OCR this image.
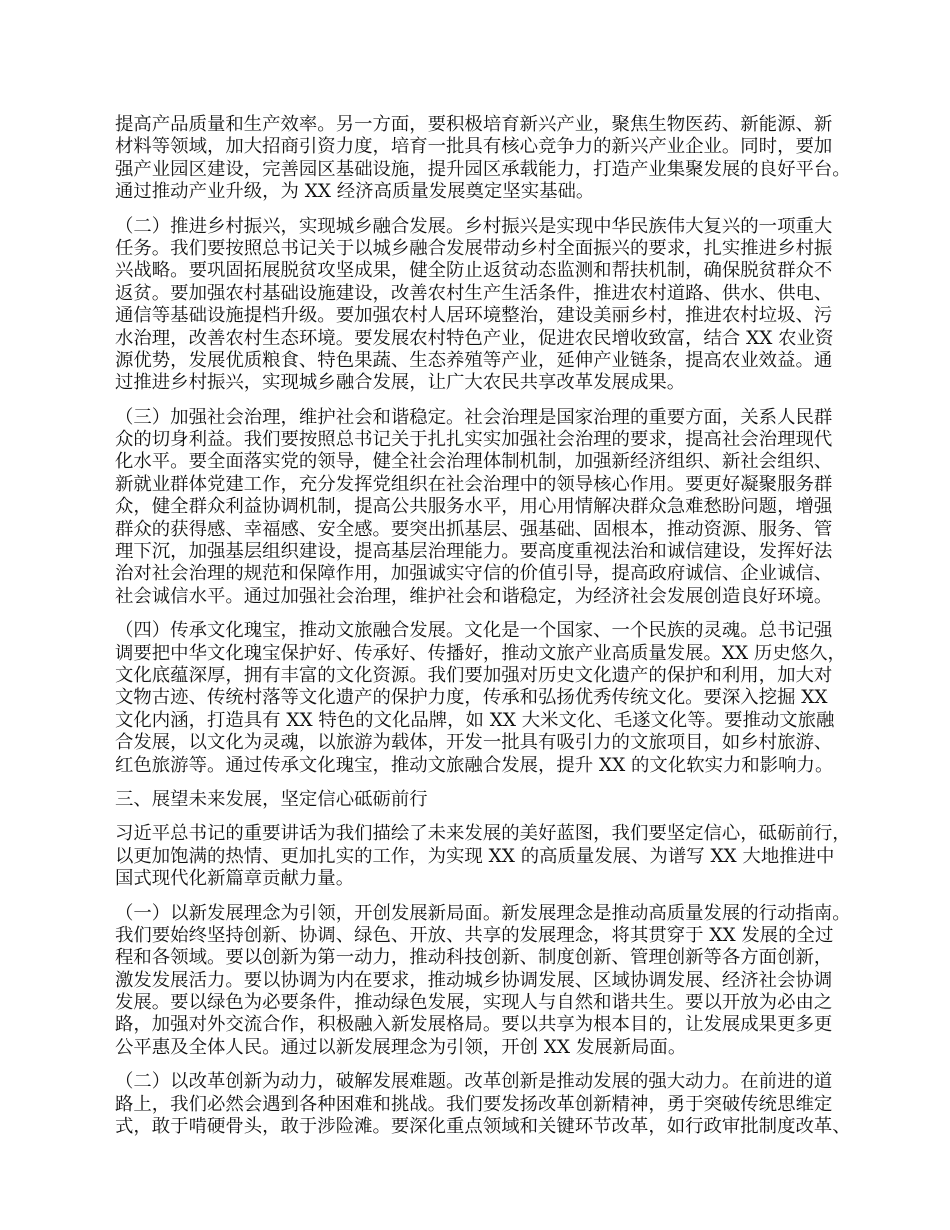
提高产品质量和生产效率。另一方面，要积极培育新兴产业，聚焦生物医药、新能源、新
材料等领域，加大招商引资力度，培育一批具有核心竞争力的新兴产业企业。同时，要加
强产业园区建设，完善园区基础设施，提升园区承载能力，打造产业集聚发展的良好平台。
通过推动产业升级，为 XX 经济高质量发展奠定坚实基础。
（二）推进乡村振兴，实现城乡融合发展。乡村振兴是实现中华民族伟大复兴的一项重大
任务。我们要按照总书记关于以城乡融合发展带动乡村全面振兴的要求，扎实推进乡村振
兴战略。要巩固拓展脱贫攻坚成果，健全防止返贫动态监测和帮扶机制，确保脱贫群众不
返贫。要加强农村基础设施建设，改善农村生产生活条件，推进农村道路、供水、供电、
通信等基础设施提档升级。要加强农村人居环境整治，建设美丽乡村，推进农村垃圾、污
水治理，改善农村生态环境。要发展农村特色产业，促进农民增收致富，结合 XX 农业资
源优势，发展优质粮食、特色果蔬、生态养殖等产业，延伸产业链条，提高农业效益。通
过推进乡村振兴，实现城乡融合发展，让广大农民共享改革发展成果。
（三）加强社会治理，维护社会和谐稳定。社会治理是国家治理的重要方面，关系人民群
众的切身利益。我们要按照总书记关于扎扎实实加强社会治理的要求，提高社会治理现代
化水平。要全面落实党的领导，健全社会治理体制机制，加强新经济组织、新社会组织、
新就业群体党建工作，充分发挥党组织在社会治理中的领导核心作用。要更好凝聚服务群
众，健全群众利益协调机制，提高公共服务水平，用心用情解决群众急难愁盼问题，增强
群众的获得感、幸福感、安全感。要突出抓基层、强基础、固根本，推动资源、服务、管
理下沉，加强基层组织建设，提高基层治理能力。要高度重视法治和诚信建设，发挥好法
治对社会治理的规范和保障作用，加强诚实守信的价值引导，提高政府诚信、企业诚信、
社会诚信水平。通过加强社会治理，维护社会和谐稳定，为经济社会发展创造良好环境。
（四）传承文化瑰宝，推动文旅融合发展。文化是一个国家、一个民族的灵魂。总书记强
调要把中华文化瑰宝保护好、传承好、传播好，推动文旅产业高质量发展。XX 历史悠久，
文化底蕴深厚，拥有丰富的文化资源。我们要加强对历史文化遗产的保护和利用，加大对
文物古迹、传统村落等文化遗产的保护力度，传承和弘扬优秀传统文化。要深入挖掘 XX
文化内涵，打造具有 XX 特色的文化品牌，如 XX 大米文化、毛遂文化等。要推动文旅融
合发展，以文化为灵魂，以旅游为载体，开发一批具有吸引力的文旅项目，如乡村旅游、
红色旅游等。通过传承文化瑰宝，推动文旅融合发展，提升 XX 的文化软实力和影响力。
三、展望未来发展，坚定信心砥砺前行
习近平总书记的重要讲话为我们描绘了未来发展的美好蓝图，我们要坚定信心，砥砺前行，
以更加饱满的热情、更加扎实的工作，为实现 XX 的高质量发展、为谱写 XX 大地推进中
国式现代化新篇章贡献力量。
（一）以新发展理念为引领，开创发展新局面。新发展理念是推动高质量发展的行动指南。
我们要始终坚持创新、协调、绿色、开放、共享的发展理念，将其贯穿于 XX 发展的全过
程和各领域。要以创新为第一动力，推动科技创新、制度创新、管理创新等各方面创新，
激发发展活力。要以协调为内在要求，推动城乡协调发展、区域协调发展、经济社会协调
发展。要以绿色为必要条件，推动绿色发展，实现人与自然和谐共生。要以开放为必由之
路，加强对外交流合作，积极融入新发展格局。要以共享为根本目的，让发展成果更多更
公平惠及全体人民。通过以新发展理念为引领，开创 XX 发展新局面。
（二）以改革创新为动力，破解发展难题。改革创新是推动发展的强大动力。在前进的道
路上，我们必然会遇到各种困难和挑战。我们要发扬改革创新精神，勇于突破传统思维定
式，敢于啃硬骨头，敢于涉险滩。要深化重点领域和关键环节改革，如行政审批制度改革、
